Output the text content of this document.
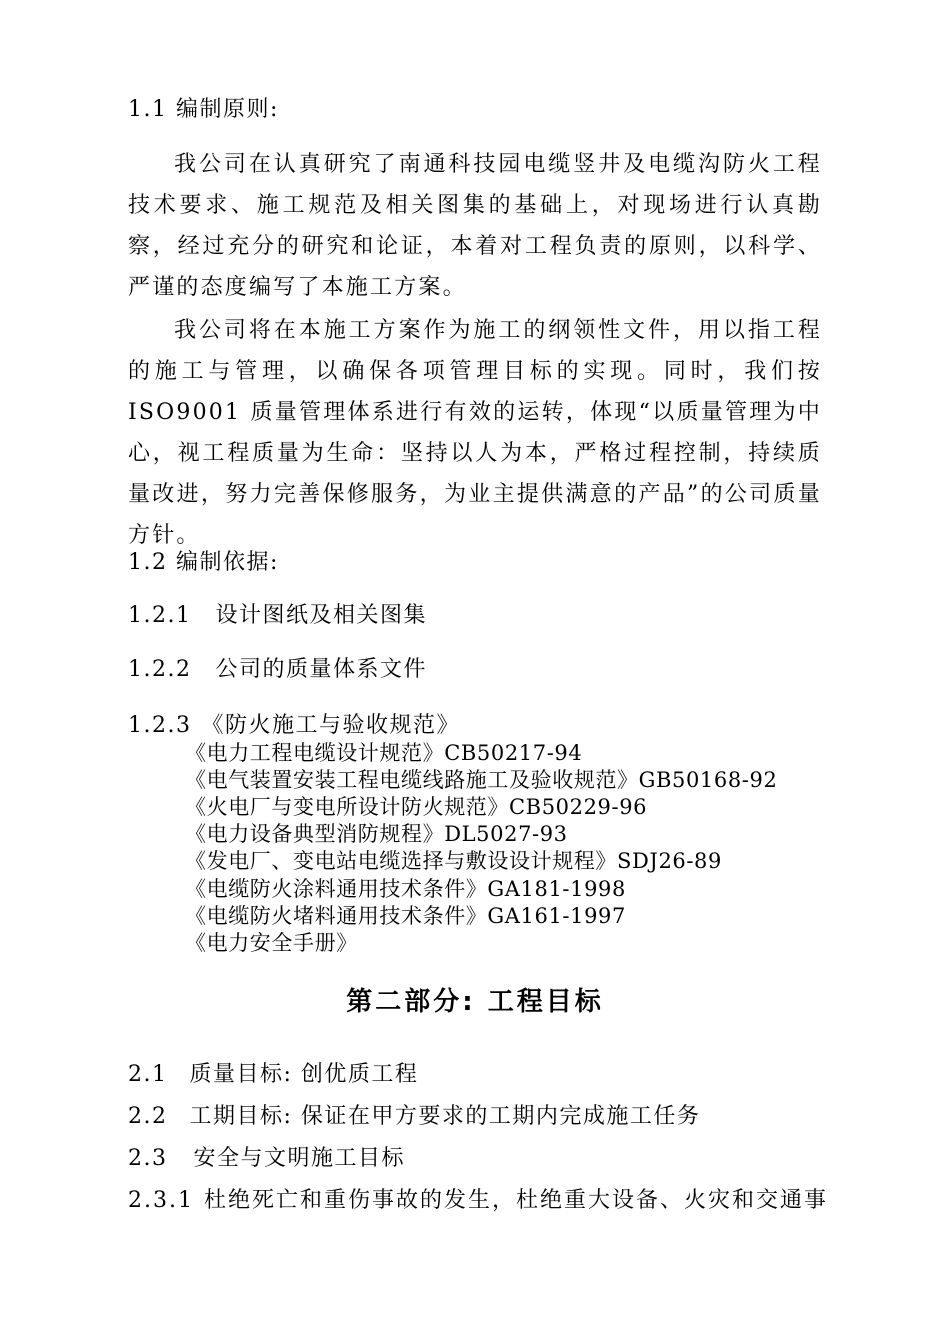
1.1 编制原则:
我公司在认真研究了南通科技园电缆竖井及电缆沟防火工程技术要求、施工规范及相关图集的基础上，对现场进行认真勘察，经过充分的研究和论证，本着对工程负责的原则，以科学、严谨的态度编写了本施工方案。
我公司将在本施工方案作为施工的纲领性文件，用以指工程的施工与管理，以确保各项管理目标的实现。同时，我们按 ISO9001 质量管理体系进行有效的运转，体现“以质量管理为中心，视工程质量为生命：坚持以人为本，严格过程控制，持续质量改进，努力完善保修服务，为业主提供满意的产品”的公司质量方针。
1.2 编制依据:
1.2.1 设计图纸及相关图集
1.2.2 公司的质量体系文件
1.2.3 《防火施工与验收规范》
《电力工程电缆设计规范》CB50217-94
《电气装置安装工程电缆线路施工及验收规范》GB50168-92
《火电厂与变电所设计防火规范》CB50229-96
《电力设备典型消防规程》DL5027-93
《发电厂、变电站电缆选择与敷设设计规程》SDJ26-89
《电缆防火涂料通用技术条件》GA181-1998
《电缆防火堵料通用技术条件》GA161-1997
《电力安全手册》
第二部分: 工程目标
2.1 质量目标: 创优质工程
2.2 工期目标: 保证在甲方要求的工期内完成施工任务
2.3 安全与文明施工目标
2.3.1 杜绝死亡和重伤事故的发生，杜绝重大设备、火灾和交通事
